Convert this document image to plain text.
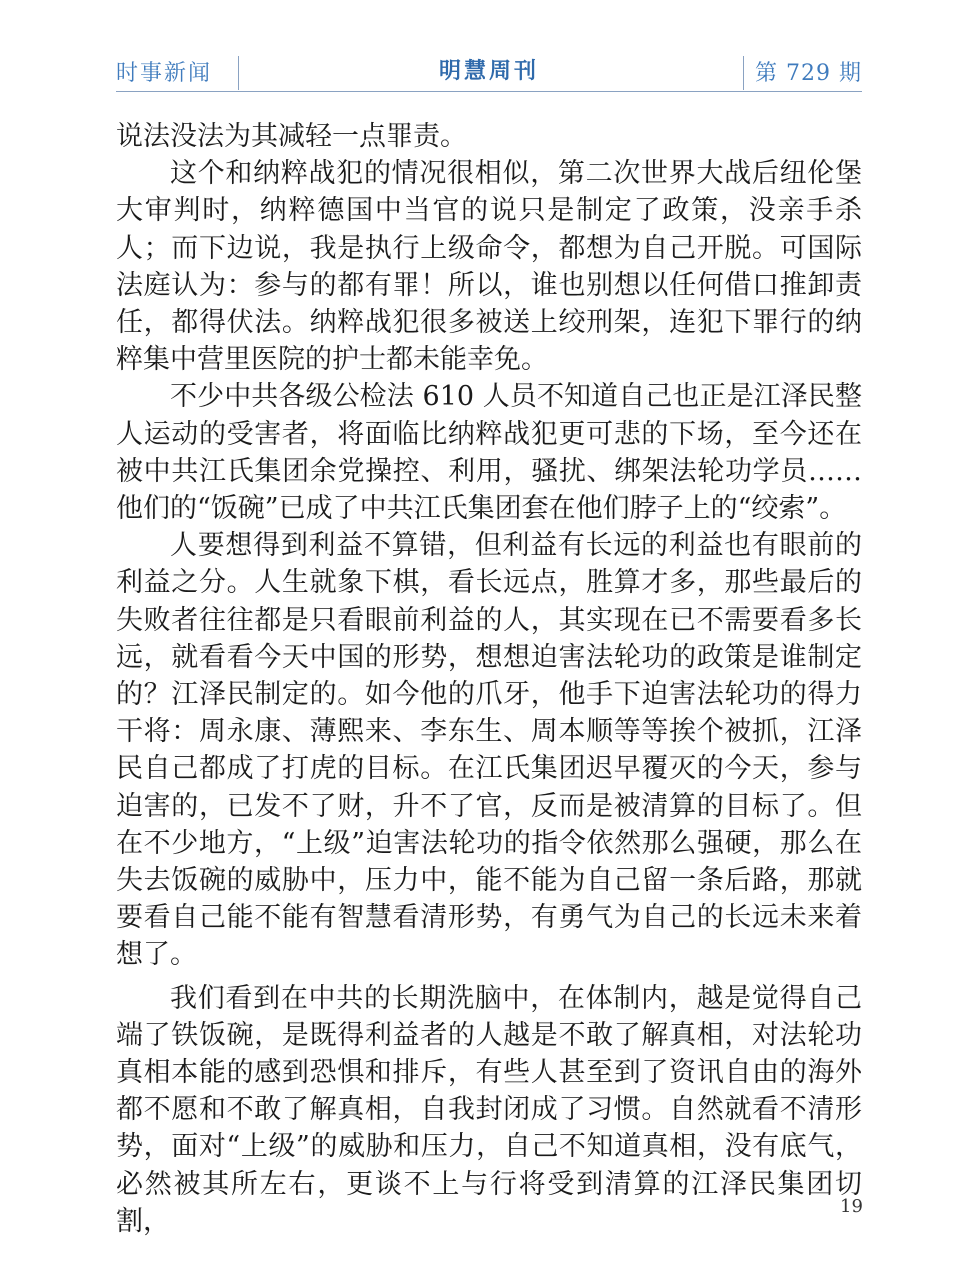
时事新闻	明慧周刊	第 729 期

说法没法为其减轻一点罪责。

这个和纳粹战犯的情况很相似，第二次世界大战后纽伦堡大审判时，纳粹德国中当官的说只是制定了政策，没亲手杀人；而下边说，我是执行上级命令，都想为自己开脱。可国际法庭认为：参与的都有罪！所以，谁也别想以任何借口推卸责任，都得伏法。纳粹战犯很多被送上绞刑架，连犯下罪行的纳粹集中营里医院的护士都未能幸免。

不少中共各级公检法 610 人员不知道自己也正是江泽民整人运动的受害者，将面临比纳粹战犯更可悲的下场，至今还在被中共江氏集团余党操控、利用，骚扰、绑架法轮功学员……他们的“饭碗”已成了中共江氏集团套在他们脖子上的“绞索”。

人要想得到利益不算错，但利益有长远的利益也有眼前的利益之分。人生就象下棋，看长远点，胜算才多，那些最后的失败者往往都是只看眼前利益的人，其实现在已不需要看多长远，就看看今天中国的形势，想想迫害法轮功的政策是谁制定的？江泽民制定的。如今他的爪牙，他手下迫害法轮功的得力干将：周永康、薄熙来、李东生、周本顺等等挨个被抓，江泽民自己都成了打虎的目标。在江氏集团迟早覆灭的今天，参与迫害的，已发不了财，升不了官，反而是被清算的目标了。但在不少地方，“上级”迫害法轮功的指令依然那么强硬，那么在失去饭碗的威胁中，压力中，能不能为自己留一条后路，那就要看自己能不能有智慧看清形势，有勇气为自己的长远未来着想了。

我们看到在中共的长期洗脑中，在体制内，越是觉得自己端了铁饭碗，是既得利益者的人越是不敢了解真相，对法轮功真相本能的感到恐惧和排斥，有些人甚至到了资讯自由的海外都不愿和不敢了解真相，自我封闭成了习惯。自然就看不清形势，面对“上级”的威胁和压力，自己不知道真相，没有底气，必然被其所左右，更谈不上与行将受到清算的江泽民集团切割，	19
